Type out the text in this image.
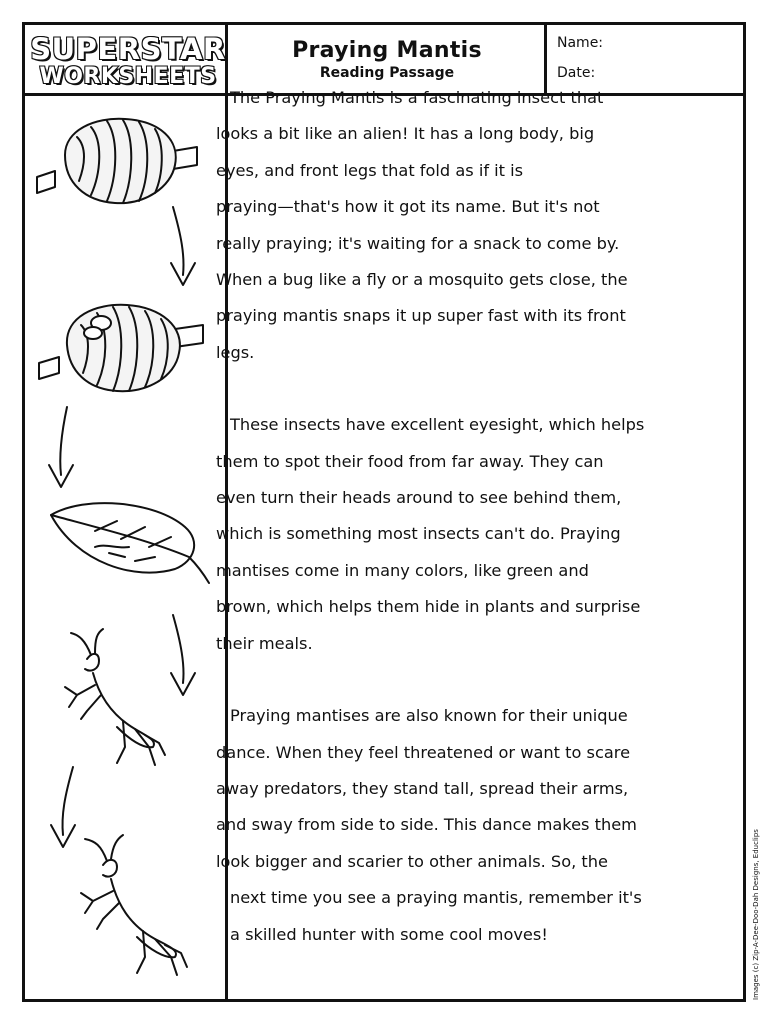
SUPERSTAR
WORKSHEETS
Praying Mantis
Reading Passage
Name:
Date:

The Praying Mantis is a fascinating insect that
looks a bit like an alien! It has a long body, big
eyes, and front legs that fold as if it is
praying—that's how it got its name. But it's not
really praying; it's waiting for a snack to come by.
When a bug like a fly or a mosquito gets close, the
praying mantis snaps it up super fast with its front
legs.

These insects have excellent eyesight, which helps
them to spot their food from far away. They can
even turn their heads around to see behind them,
which is something most insects can't do. Praying
mantises come in many colors, like green and
brown, which helps them hide in plants and surprise
their meals.

Praying mantises are also known for their unique
dance. When they feel threatened or want to scare
away predators, they stand tall, spread their arms,
and sway from side to side. This dance makes them
look bigger and scarier to other animals. So, the
next time you see a praying mantis, remember it's
a skilled hunter with some cool moves!	Images (c) Zip-A-Dee-Doo-Dah Designs, Educlips
